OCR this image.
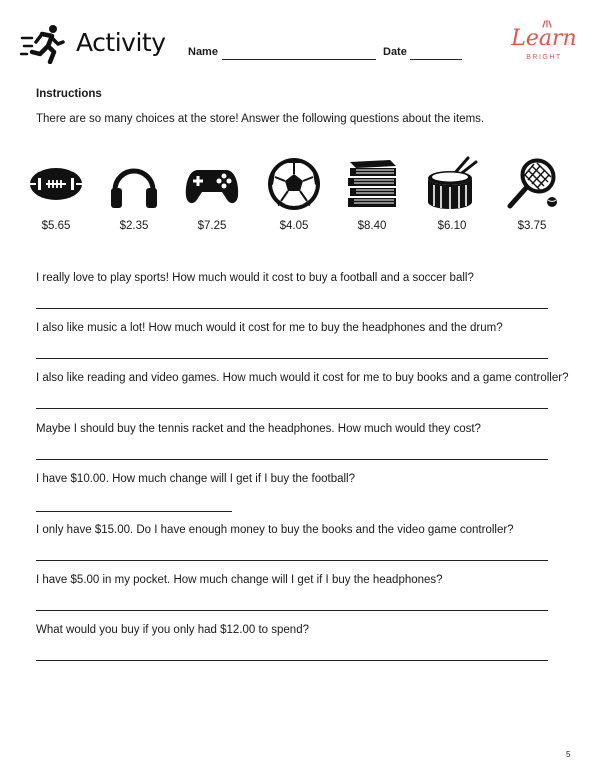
Activity Name	Date
Learn
BRIGHT
Instructions
There are so many choices at the store! Answer the following questions about the items.
$5.65	$2.35	$7.25	$4.05	$8.40	$6.10	$3.75
I really love to play sports! How much would it cost to buy a football and a soccer ball?
I also like music a lot! How much would it cost for me to buy the headphones and the drum?
I also like reading and video games. How much would it cost for me to buy books and a game controller?
Maybe I should buy the tennis racket and the headphones. How much would they cost?
I have $10.00. How much change will I get if I buy the football?
I only have $15.00. Do I have enough money to buy the books and the video game controller?
I have $5.00 in my pocket. How much change will I get if I buy the headphones?
What would you buy if you only had $12.00 to spend?
5
